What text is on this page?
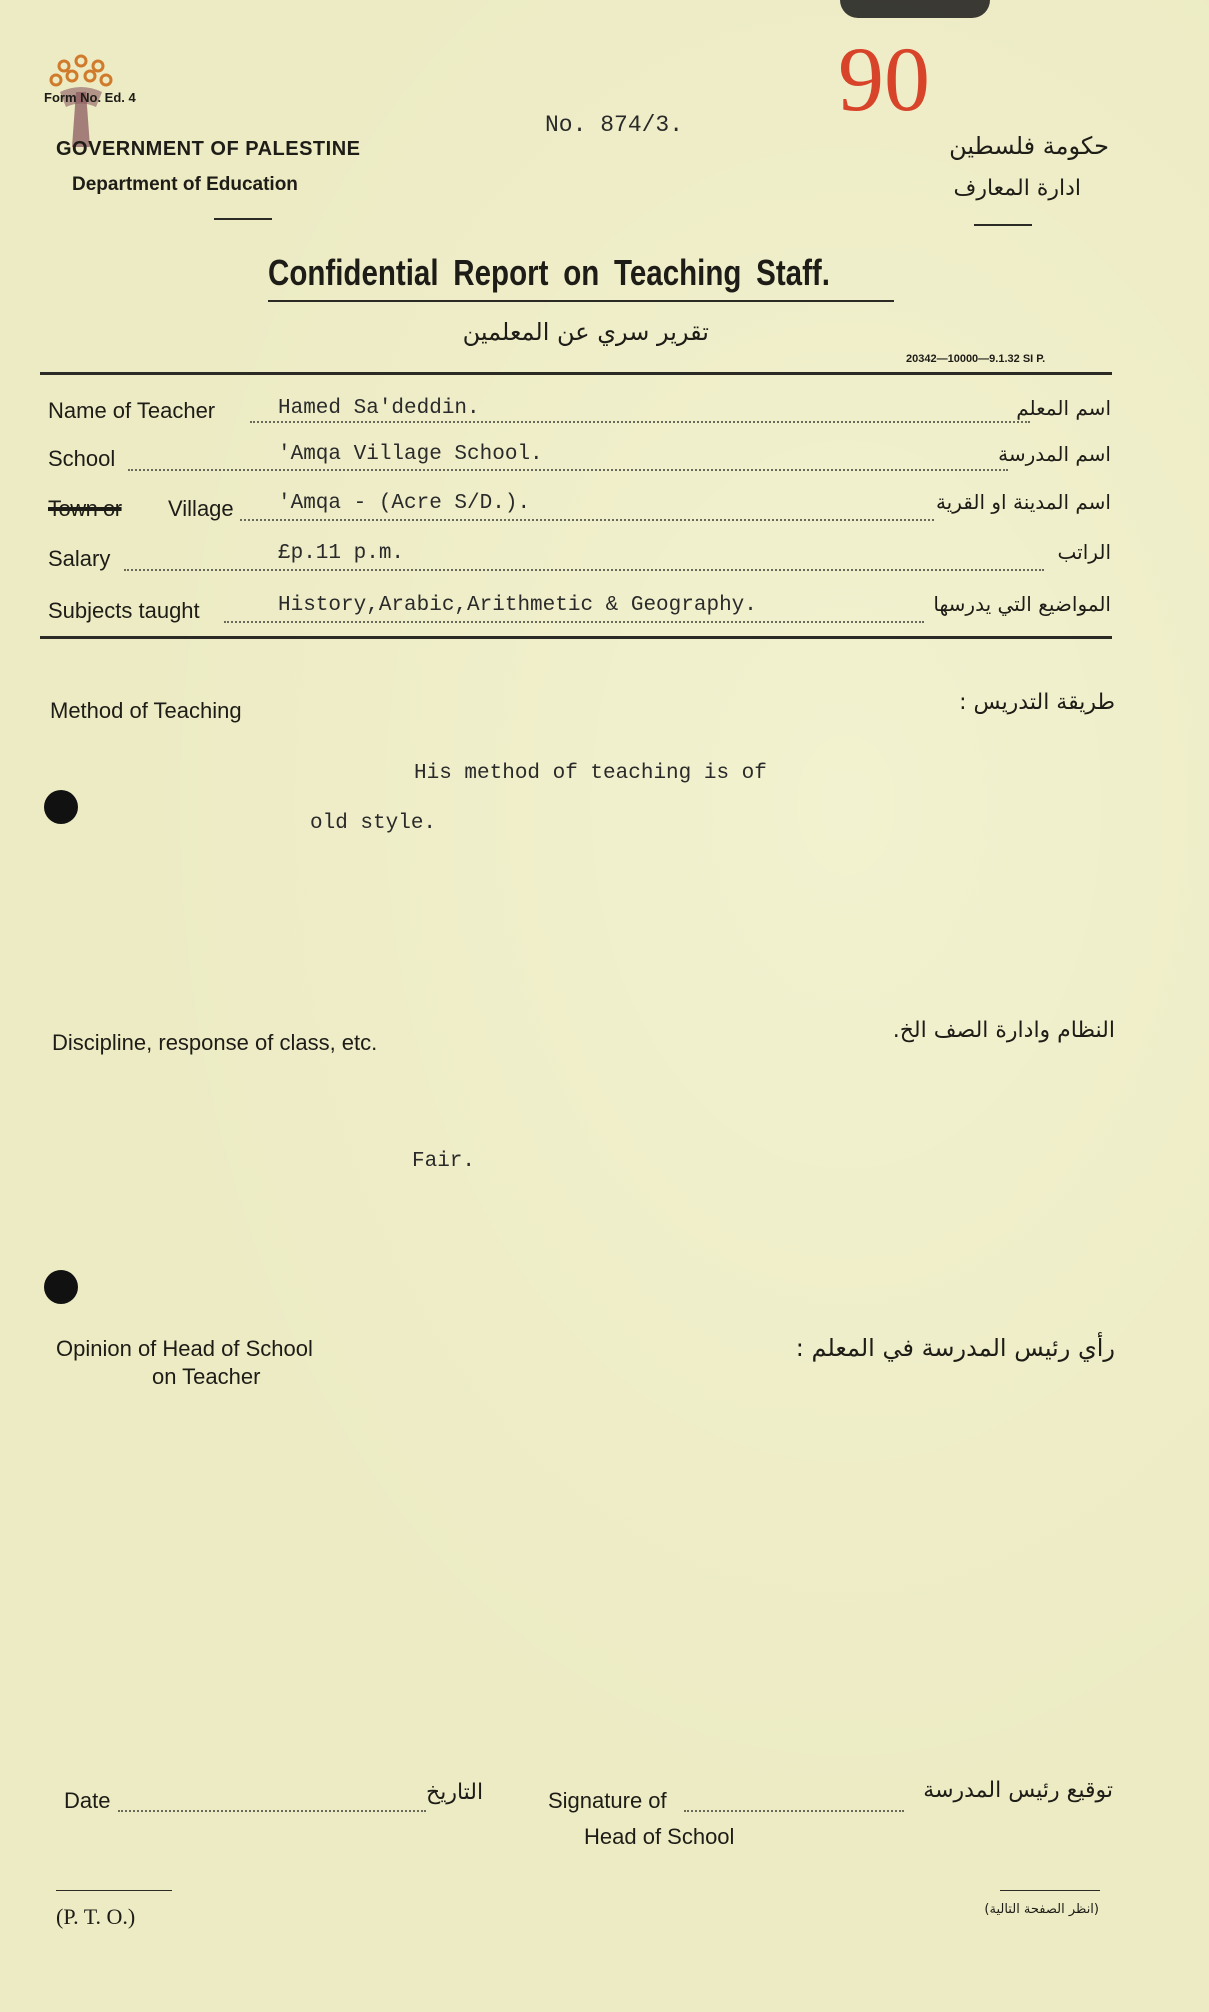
Form No. Ed. 4
GOVERNMENT OF PALESTINE
Department of Education
No. 874/3. 90
حكومة فلسطين
ادارة المعارف
Confidential Report on Teaching Staff.
تقرير سري عن المعلمين
20342—10000—9.1.32 SI P.
Name of Teacher	Hamed Sa'deddin.	اسم المعلم
School	'Amqa Village School.	اسم المدرسة
Town or Village 'Amqa - (Acre S/D.).	اسم المدينة او القرية
Salary	£p.11 p.m.	الراتب
Subjects taught	History,Arabic,Arithmetic & Geography.	المواضيع التي يدرسها
Method of Teaching	طريقة التدريس :
His method of teaching is of
old style.
Discipline, response of class, etc.	النظام وادارة الصف الخ.
Fair.
Opinion of Head of School
on Teacher
رأي رئيس المدرسة في المعلم :
Date	التاريخ	Signature of
Head of School
توقيع رئيس المدرسة
(P. T. O.)	(انظر الصفحة التالية)
